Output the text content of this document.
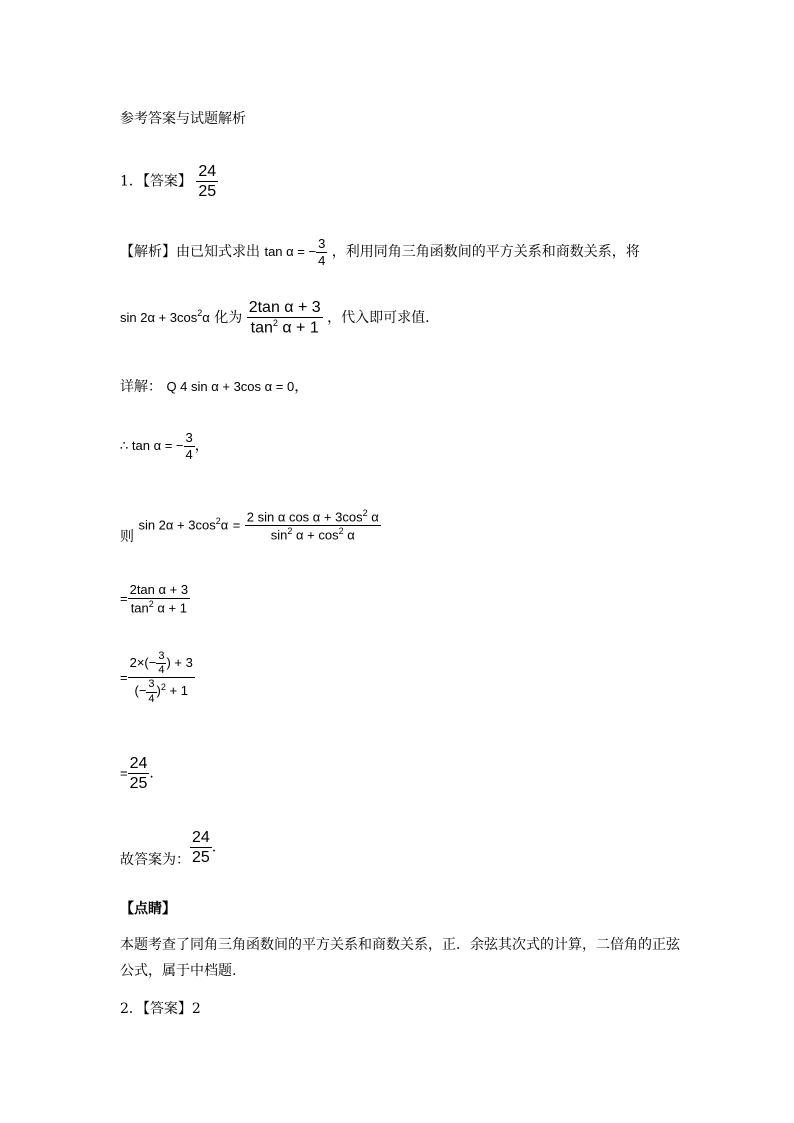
参考答案与试题解析
1．【答案】 $\frac{24}{25}$
【解析】由已知式求出 tan α = − $\frac{3}{4}$ ，利用同角三角函数间的平方关系和商数关系，将
$\sin 2\alpha + 3\cos^2\alpha$ 化为 $\frac{\text{2tan α + 3}}{\tan^2 \alpha + 1}$ ，代入即可求值.
详解： Q 4 sin α + 3cos α = 0，
∴ tan α = − $\frac{3}{4}$ ，
则 $\sin 2\alpha + 3\cos^2\alpha = \frac{2 \sin \alpha \cos \alpha + 3\cos^2 \alpha}{\sin^2 \alpha + \cos^2 \alpha}$
= $\frac{\text{2tan α + 3}}{\tan^2 \alpha + 1}$
= $\frac{2\times(- \frac{3}{4} ) + 3}{(- \frac{3}{4} )^2 + 1}$
= $\frac{24}{25}$ .
故答案为： $\frac{24}{25}$ .
【点睛】
本题考查了同角三角函数间的平方关系和商数关系，正．余弦其次式的计算，二倍角的正弦公式，属于中档题.
2．【答案】2
